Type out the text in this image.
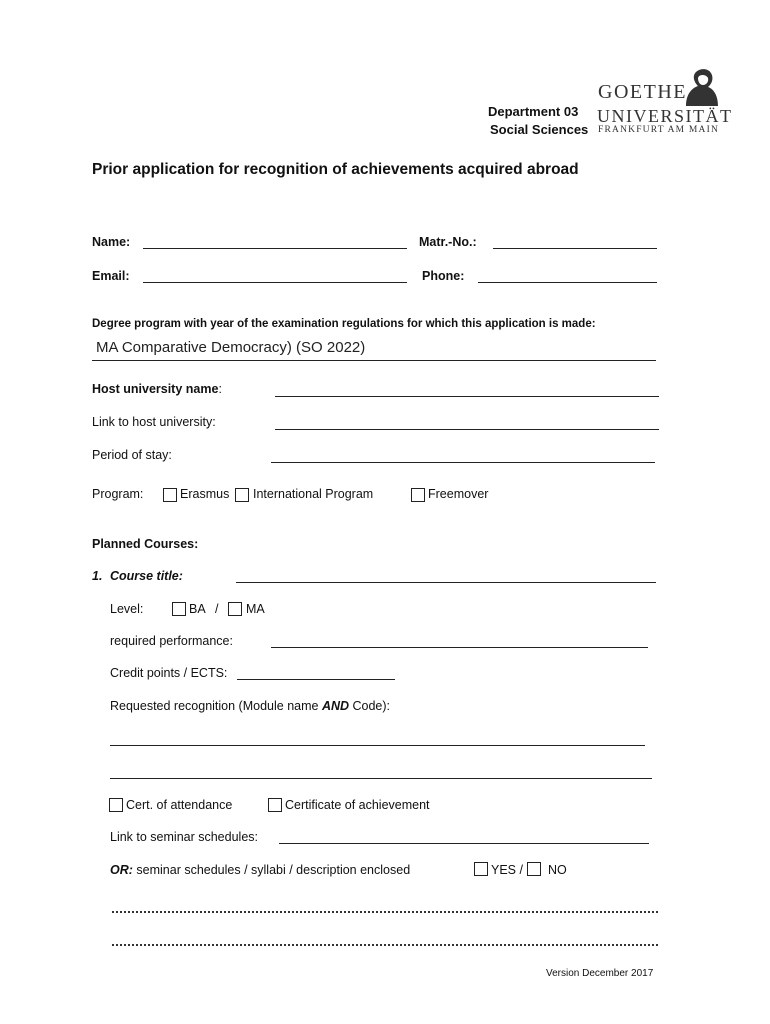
Department 03
Social Sciences
GOETHE
UNIVERSITÄT
FRANKFURT AM MAIN
Prior application for recognition of achievements acquired abroad
Name:	Matr.-No.:
Email:	Phone:
Degree program with year of the examination regulations for which this application is made:
MA Comparative Democracy) (SO 2022)
Host university name:
Link to host university:
Period of stay:
Program:	Erasmus International Program	Freemover
Planned Courses:
1. Course title:
Level:	BA / MA
required performance:
Credit points / ECTS:
Requested recognition (Module name AND Code):
Cert. of attendance	Certificate of achievement
Link to seminar schedules:
OR: seminar schedules / syllabi / description enclosed	YES / NO
Version December 2017
